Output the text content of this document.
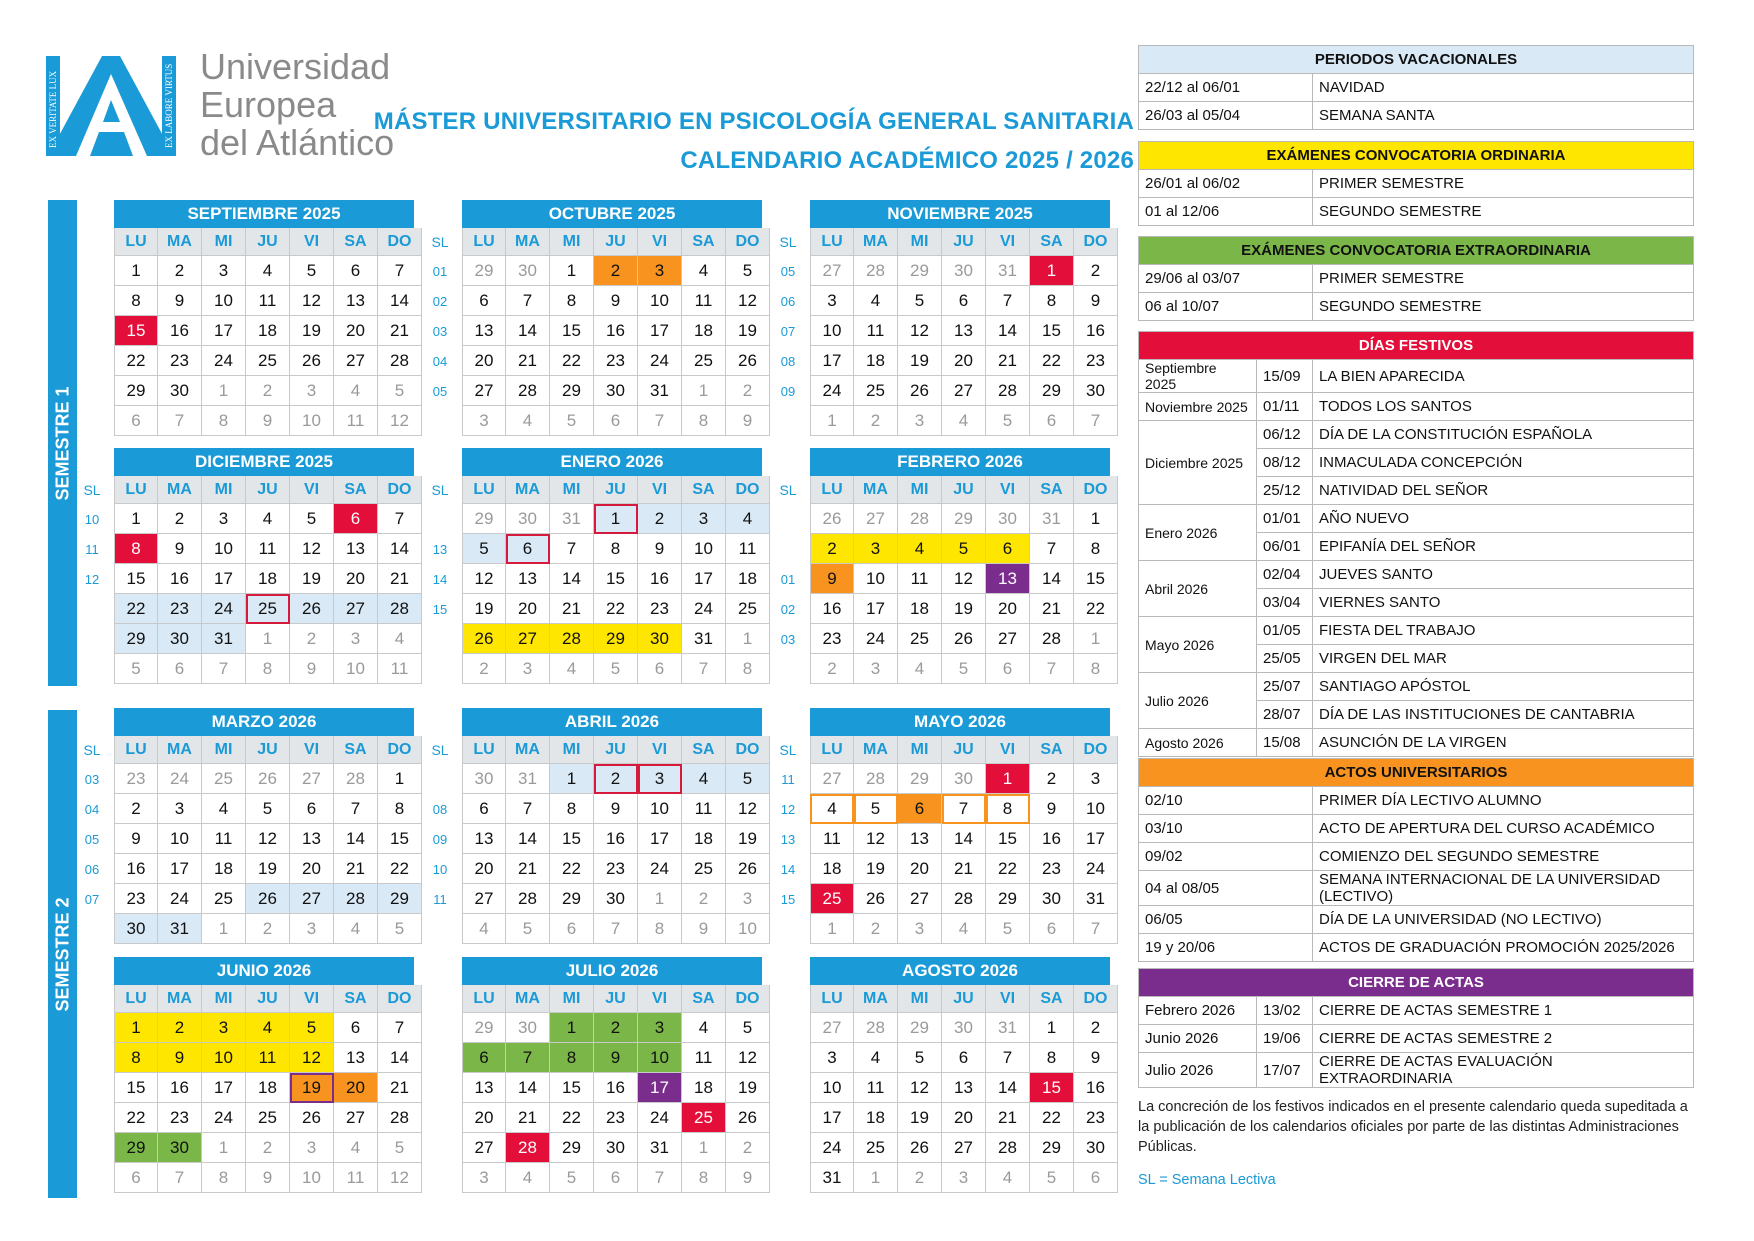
EX VERITATE LUX	EX LABORE VIRTUS Universidad
Europea
del Atlántico
MÁSTER UNIVERSITARIO EN PSICOLOGÍA GENERAL SANITARIA
CALENDARIO ACADÉMICO 2025 / 2026
SEMESTRE 1
SEMESTRE 2
SEPTIEMBRE 2025
LU	MA	MI	JU	VI	SA	DO
1	2	3	4	5	6	7
8	9	10	11	12	13	14
15	16	17	18	19	20	21
22	23	24	25	26	27	28
29	30	1	2	3	4	5
6	7	8	9	10	11	12
OCTUBRE 2025
SL	LU	MA	MI	JU	VI	SA	DO
01	29	30	1	2	3	4	5
02	6	7	8	9	10	11	12
03	13	14	15	16	17	18	19
04	20	21	22	23	24	25	26
05	27	28	29	30	31	1	2
3	4	5	6	7	8	9
NOVIEMBRE 2025
SL	LU	MA	MI	JU	VI	SA	DO
05	27	28	29	30	31	1	2
06	3	4	5	6	7	8	9
07	10	11	12	13	14	15	16
08	17	18	19	20	21	22	23
09	24	25	26	27	28	29	30
1	2	3	4	5	6	7
DICIEMBRE 2025
SL	LU	MA	MI	JU	VI	SA	DO
10	1	2	3	4	5	6	7
11	8	9	10	11	12	13	14
12	15	16	17	18	19	20	21
22	23	24	25	26	27	28
29	30	31	1	2	3	4
5	6	7	8	9	10	11
ENERO 2026
SL	LU	MA	MI	JU	VI	SA	DO
29	30	31	1	2	3	4
13	5	6	7	8	9	10	11
14	12	13	14	15	16	17	18
15	19	20	21	22	23	24	25
26	27	28	29	30	31	1
2	3	4	5	6	7	8
FEBRERO 2026
SL	LU	MA	MI	JU	VI	SA	DO
26	27	28	29	30	31	1
2	3	4	5	6	7	8
01	9	10	11	12	13	14	15
02	16	17	18	19	20	21	22
03	23	24	25	26	27	28	1
2	3	4	5	6	7	8
MARZO 2026
SL	LU	MA	MI	JU	VI	SA	DO
03	23	24	25	26	27	28	1
04	2	3	4	5	6	7	8
05	9	10	11	12	13	14	15
06	16	17	18	19	20	21	22
07	23	24	25	26	27	28	29
30	31	1	2	3	4	5
ABRIL 2026
SL	LU	MA	MI	JU	VI	SA	DO
30	31	1	2	3	4	5
08	6	7	8	9	10	11	12
09	13	14	15	16	17	18	19
10	20	21	22	23	24	25	26
11	27	28	29	30	1	2	3
4	5	6	7	8	9	10
MAYO 2026
SL	LU	MA	MI	JU	VI	SA	DO
11	27	28	29	30	1	2	3
12	4	5	6	7	8	9	10
13	11	12	13	14	15	16	17
14	18	19	20	21	22	23	24
15	25	26	27	28	29	30	31
1	2	3	4	5	6	7
JUNIO 2026
LU	MA	MI	JU	VI	SA	DO
1	2	3	4	5	6	7
8	9	10	11	12	13	14
15	16	17	18	19	20	21
22	23	24	25	26	27	28
29	30	1	2	3	4	5
6	7	8	9	10	11	12
JULIO 2026
LU	MA	MI	JU	VI	SA	DO
29	30	1	2	3	4	5
6	7	8	9	10	11	12
13	14	15	16	17	18	19
20	21	22	23	24	25	26
27	28	29	30	31	1	2
3	4	5	6	7	8	9
AGOSTO 2026
LU	MA	MI	JU	VI	SA	DO
27	28	29	30	31	1	2
3	4	5	6	7	8	9
10	11	12	13	14	15	16
17	18	19	20	21	22	23
24	25	26	27	28	29	30
31	1	2	3	4	5	6
PERIODOS VACACIONALES	
22/12 al 06/01	NAVIDAD
26/03 al 05/04	SEMANA SANTA
EXÁMENES CONVOCATORIA ORDINARIA	
26/01 al 06/02	PRIMER SEMESTRE
01 al 12/06	SEGUNDO SEMESTRE
EXÁMENES CONVOCATORIA EXTRAORDINARIA	
29/06 al 03/07	PRIMER SEMESTRE
06 al 10/07	SEGUNDO SEMESTRE
DÍAS FESTIVOS		
Septiembre 2025	15/09	LA BIEN APARECIDA
Noviembre 2025	01/11	TODOS LOS SANTOS
Diciembre 2025	06/12	DÍA DE LA CONSTITUCIÓN ESPAÑOLA
	08/12	INMACULADA CONCEPCIÓN
	25/12	NATIVIDAD DEL SEÑOR
Enero 2026	01/01	AÑO NUEVO
	06/01	EPIFANÍA DEL SEÑOR
Abril 2026	02/04	JUEVES SANTO
	03/04	VIERNES SANTO
Mayo 2026	01/05	FIESTA DEL TRABAJO
	25/05	VIRGEN DEL MAR
Julio 2026	25/07	SANTIAGO APÓSTOL
	28/07	DÍA DE LAS INSTITUCIONES DE CANTABRIA
Agosto 2026	15/08	ASUNCIÓN DE LA VIRGEN
ACTOS UNIVERSITARIOS	
02/10	PRIMER DÍA LECTIVO ALUMNO
03/10	ACTO DE APERTURA DEL CURSO ACADÉMICO
09/02	COMIENZO DEL SEGUNDO SEMESTRE
04 al 08/05	SEMANA INTERNACIONAL DE LA UNIVERSIDAD (LECTIVO)
06/05	DÍA DE LA UNIVERSIDAD (NO LECTIVO)
19 y 20/06	ACTOS DE GRADUACIÓN PROMOCIÓN 2025/2026
CIERRE DE ACTAS		
Febrero 2026	13/02	CIERRE DE ACTAS SEMESTRE 1
Junio 2026	19/06	CIERRE DE ACTAS SEMESTRE 2
Julio 2026	17/07	CIERRE DE ACTAS EVALUACIÓN EXTRAORDINARIA
La concreción de los festivos indicados en el presente calendario queda supeditada a la publicación de los calendarios oficiales por parte de las distintas Administraciones Públicas.
SL = Semana Lectiva
